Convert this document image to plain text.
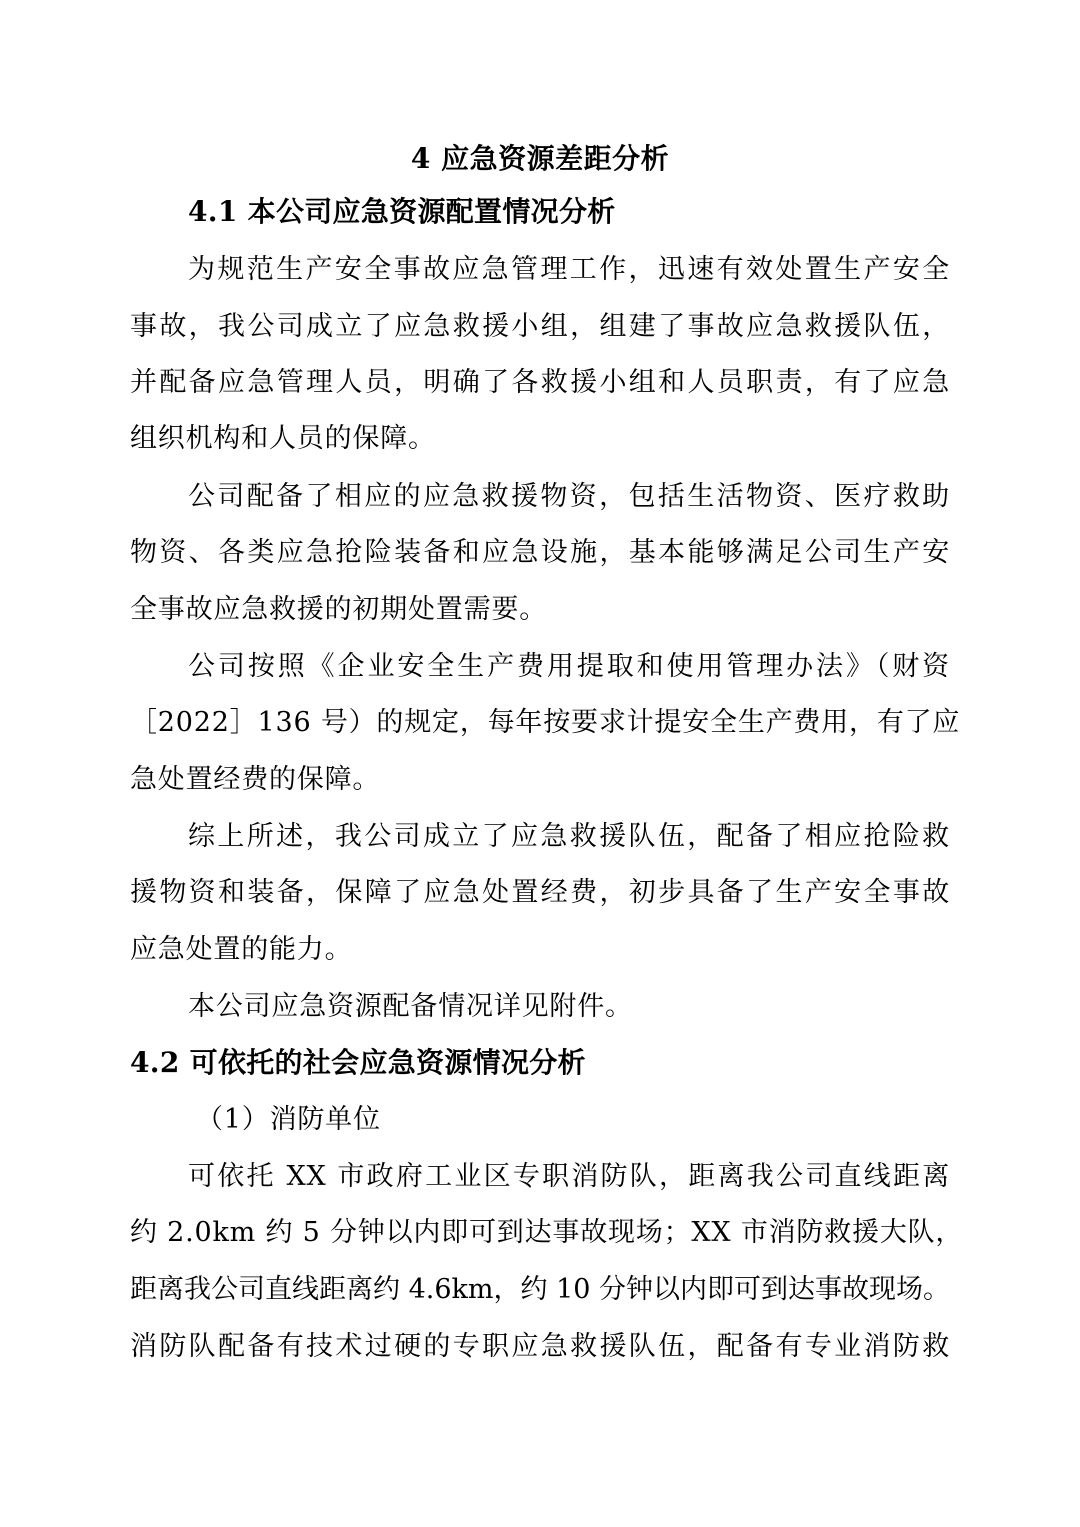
4 应急资源差距分析
4.1 本公司应急资源配置情况分析
为规范生产安全事故应急管理工作，迅速有效处置生产安全
事故，我公司成立了应急救援小组，组建了事故应急救援队伍，
并配备应急管理人员，明确了各救援小组和人员职责，有了应急
组织机构和人员的保障。
公司配备了相应的应急救援物资，包括生活物资、医疗救助
物资、各类应急抢险装备和应急设施，基本能够满足公司生产安
全事故应急救援的初期处置需要。
公司按照《企业安全生产费用提取和使用管理办法》（财资
［2022］136 号）的规定，每年按要求计提安全生产费用，有了应
急处置经费的保障。
综上所述，我公司成立了应急救援队伍，配备了相应抢险救
援物资和装备，保障了应急处置经费，初步具备了生产安全事故
应急处置的能力。
本公司应急资源配备情况详见附件。
4.2 可依托的社会应急资源情况分析
（1）消防单位
可依托 XX 市政府工业区专职消防队，距离我公司直线距离
约 2.0km 约 5 分钟以内即可到达事故现场；XX 市消防救援大队，
距离我公司直线距离约 4.6km，约 10 分钟以内即可到达事故现场。
消防队配备有技术过硬的专职应急救援队伍，配备有专业消防救
